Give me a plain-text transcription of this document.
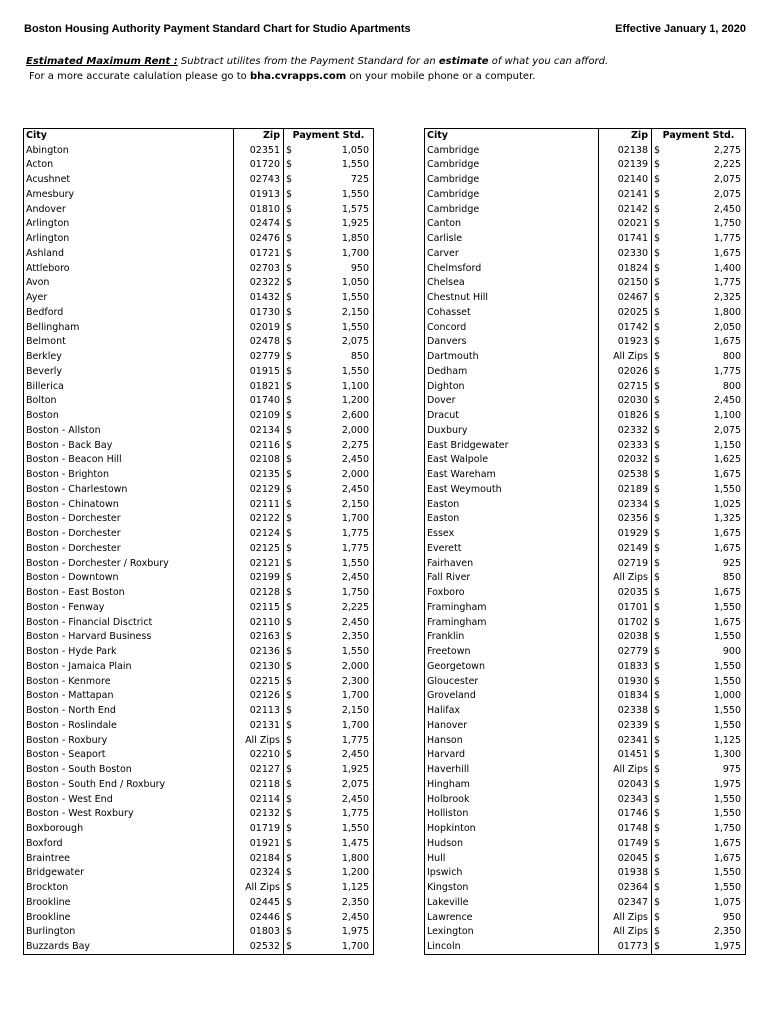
Boston Housing Authority Payment Standard Chart for Studio Apartments	Effective January 1, 2020
Estimated Maximum Rent : Subtract utilites from the Payment Standard for an estimate of what you can afford.
For a more accurate calulation please go to bha.cvrapps.com on your mobile phone or a computer.
City	Zip	Payment Std.	
Abington	02351	$	1,050
Acton	01720	$	1,550
Acushnet	02743	$	725
Amesbury	01913	$	1,550
Andover	01810	$	1,575
Arlington	02474	$	1,925
Arlington	02476	$	1,850
Ashland	01721	$	1,700
Attleboro	02703	$	950
Avon	02322	$	1,050
Ayer	01432	$	1,550
Bedford	01730	$	2,150
Bellingham	02019	$	1,550
Belmont	02478	$	2,075
Berkley	02779	$	850
Beverly	01915	$	1,550
Billerica	01821	$	1,100
Bolton	01740	$	1,200
Boston	02109	$	2,600
Boston - Allston	02134	$	2,000
Boston - Back Bay	02116	$	2,275
Boston - Beacon Hill	02108	$	2,450
Boston - Brighton	02135	$	2,000
Boston - Charlestown	02129	$	2,450
Boston - Chinatown	02111	$	2,150
Boston - Dorchester	02122	$	1,700
Boston - Dorchester	02124	$	1,775
Boston - Dorchester	02125	$	1,775
Boston - Dorchester / Roxbury	02121	$	1,550
Boston - Downtown	02199	$	2,450
Boston - East Boston	02128	$	1,750
Boston - Fenway	02115	$	2,225
Boston - Financial Disctrict	02110	$	2,450
Boston - Harvard Business	02163	$	2,350
Boston - Hyde Park	02136	$	1,550
Boston - Jamaica Plain	02130	$	2,000
Boston - Kenmore	02215	$	2,300
Boston - Mattapan	02126	$	1,700
Boston - North End	02113	$	2,150
Boston - Roslindale	02131	$	1,700
Boston - Roxbury	All Zips	$	1,775
Boston - Seaport	02210	$	2,450
Boston - South Boston	02127	$	1,925
Boston - South End / Roxbury	02118	$	2,075
Boston - West End	02114	$	2,450
Boston - West Roxbury	02132	$	1,775
Boxborough	01719	$	1,550
Boxford	01921	$	1,475
Braintree	02184	$	1,800
Bridgewater	02324	$	1,200
Brockton	All Zips	$	1,125
Brookline	02445	$	2,350
Brookline	02446	$	2,450
Burlington	01803	$	1,975
Buzzards Bay	02532	$	1,700
City	Zip	Payment Std.	
Cambridge	02138	$	2,275
Cambridge	02139	$	2,225
Cambridge	02140	$	2,075
Cambridge	02141	$	2,075
Cambridge	02142	$	2,450
Canton	02021	$	1,750
Carlisle	01741	$	1,775
Carver	02330	$	1,675
Chelmsford	01824	$	1,400
Chelsea	02150	$	1,775
Chestnut Hill	02467	$	2,325
Cohasset	02025	$	1,800
Concord	01742	$	2,050
Danvers	01923	$	1,675
Dartmouth	All Zips	$	800
Dedham	02026	$	1,775
Dighton	02715	$	800
Dover	02030	$	2,450
Dracut	01826	$	1,100
Duxbury	02332	$	2,075
East Bridgewater	02333	$	1,150
East Walpole	02032	$	1,625
East Wareham	02538	$	1,675
East Weymouth	02189	$	1,550
Easton	02334	$	1,025
Easton	02356	$	1,325
Essex	01929	$	1,675
Everett	02149	$	1,675
Fairhaven	02719	$	925
Fall River	All Zips	$	850
Foxboro	02035	$	1,675
Framingham	01701	$	1,550
Framingham	01702	$	1,675
Franklin	02038	$	1,550
Freetown	02779	$	900
Georgetown	01833	$	1,550
Gloucester	01930	$	1,550
Groveland	01834	$	1,000
Halifax	02338	$	1,550
Hanover	02339	$	1,550
Hanson	02341	$	1,125
Harvard	01451	$	1,300
Haverhill	All Zips	$	975
Hingham	02043	$	1,975
Holbrook	02343	$	1,550
Holliston	01746	$	1,550
Hopkinton	01748	$	1,750
Hudson	01749	$	1,675
Hull	02045	$	1,675
Ipswich	01938	$	1,550
Kingston	02364	$	1,550
Lakeville	02347	$	1,075
Lawrence	All Zips	$	950
Lexington	All Zips	$	2,350
Lincoln	01773	$	1,975
